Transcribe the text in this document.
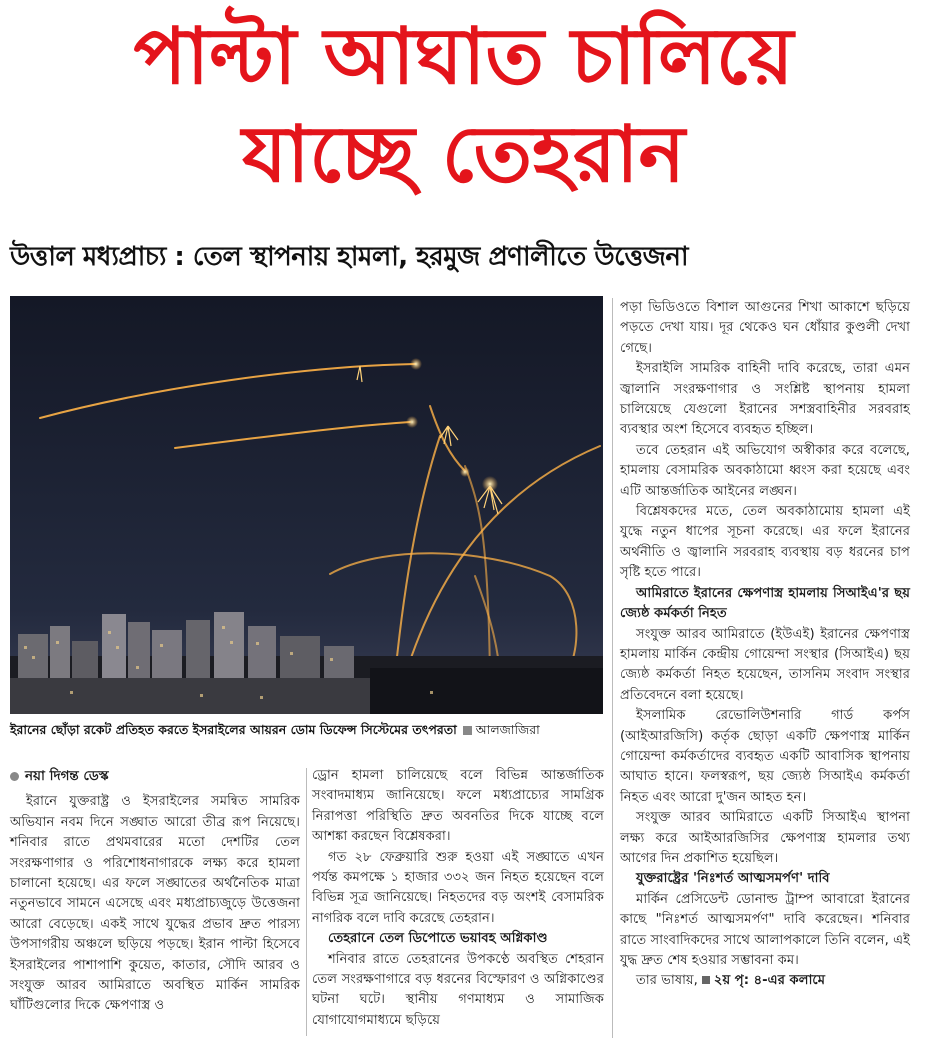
পাল্টা আঘাত চালিয়ে
যাচ্ছে তেহরান
উত্তাল মধ্যপ্রাচ্য : তেল স্থাপনায় হামলা, হরমুজ প্রণালীতে উত্তেজনা
ইরানের ছোঁড়া রকেট প্রতিহত করতে ইসরাইলের আয়রন ডোম ডিফেন্স সিস্টেমের তৎপরতা আলজাজিরা
নয়া দিগন্ত ডেস্ক

ইরানে যুক্তরাষ্ট্র ও ইসরাইলের সমন্বিত সামরিক অভিযান নবম দিনে সঙ্ঘাত আরো তীব্র রূপ নিয়েছে। শনিবার রাতে প্রথমবারের মতো দেশটির তেল সংরক্ষণাগার ও পরিশোধনাগারকে লক্ষ্য করে হামলা চালানো হয়েছে। এর ফলে সঙ্ঘাতের অর্থনৈতিক মাত্রা নতুনভাবে সামনে এসেছে এবং মধ্যপ্রাচ্যজুড়ে উত্তেজনা আরো বেড়েছে। একই সাথে যুদ্ধের প্রভাব দ্রুত পারস্য উপসাগরীয় অঞ্চলে ছড়িয়ে পড়ছে। ইরান পাল্টা হিসেবে ইসরাইলের পাশাপাশি কুয়েত, কাতার, সৌদি আরব ও সংযুক্ত আরব আমিরাতে অবস্থিত মার্কিন সামরিক ঘাঁটিগুলোর দিকে ক্ষেপণাস্ত্র ও

ড্রোন হামলা চালিয়েছে বলে বিভিন্ন আন্তর্জাতিক সংবাদমাধ্যম জানিয়েছে। ফলে মধ্যপ্রাচ্যের সামগ্রিক নিরাপত্তা পরিস্থিতি দ্রুত অবনতির দিকে যাচ্ছে বলে আশঙ্কা করছেন বিশ্লেষকরা।

গত ২৮ ফেব্রুয়ারি শুরু হওয়া এই সঙ্ঘাতে এখন পর্যন্ত কমপক্ষে ১ হাজার ৩৩২ জন নিহত হয়েছেন বলে বিভিন্ন সূত্র জানিয়েছে। নিহতদের বড় অংশই বেসামরিক নাগরিক বলে দাবি করেছে তেহরান।

তেহরানে তেল ডিপোতে ভয়াবহ অগ্নিকাণ্ড

শনিবার রাতে তেহরানের উপকণ্ঠে অবস্থিত শেহরান তেল সংরক্ষণাগারে বড় ধরনের বিস্ফোরণ ও অগ্নিকাণ্ডের ঘটনা ঘটে। স্থানীয় গণমাধ্যম ও সামাজিক যোগাযোগমাধ্যমে ছড়িয়ে

পড়া ভিডিওতে বিশাল আগুনের শিখা আকাশে ছড়িয়ে পড়তে দেখা যায়। দূর থেকেও ঘন ধোঁয়ার কুণ্ডলী দেখা গেছে।

ইসরাইলি সামরিক বাহিনী দাবি করেছে, তারা এমন জ্বালানি সংরক্ষণাগার ও সংশ্লিষ্ট স্থাপনায় হামলা চালিয়েছে যেগুলো ইরানের সশস্ত্রবাহিনীর সরবরাহ ব্যবস্থার অংশ হিসেবে ব্যবহৃত হচ্ছিল।

তবে তেহরান এই অভিযোগ অস্বীকার করে বলেছে, হামলায় বেসামরিক অবকাঠামো ধ্বংস করা হয়েছে এবং এটি আন্তর্জাতিক আইনের লঙ্ঘন।

বিশ্লেষকদের মতে, তেল অবকাঠামোয় হামলা এই যুদ্ধে নতুন ধাপের সূচনা করেছে। এর ফলে ইরানের অর্থনীতি ও জ্বালানি সরবরাহ ব্যবস্থায় বড় ধরনের চাপ সৃষ্টি হতে পারে।

আমিরাতে ইরানের ক্ষেপণাস্ত্র হামলায় সিআইএ'র ছয় জ্যেষ্ঠ কর্মকর্তা নিহত

সংযুক্ত আরব আমিরাতে (ইউএই) ইরানের ক্ষেপণাস্ত্র হামলায় মার্কিন কেন্দ্রীয় গোয়েন্দা সংস্থার (সিআইএ) ছয় জ্যেষ্ঠ কর্মকর্তা নিহত হয়েছেন, তাসনিম সংবাদ সংস্থার প্রতিবেদনে বলা হয়েছে।

ইসলামিক রেভোলিউশনারি গার্ড কর্পস (আইআরজিসি) কর্তৃক ছোড়া একটি ক্ষেপণাস্ত্র মার্কিন গোয়েন্দা কর্মকর্তাদের ব্যবহৃত একটি আবাসিক স্থাপনায় আঘাত হানে। ফলস্বরূপ, ছয় জ্যেষ্ঠ সিআইএ কর্মকর্তা নিহত এবং আরো দু'জন আহত হন।

সংযুক্ত আরব আমিরাতে একটি সিআইএ স্থাপনা লক্ষ্য করে আইআরজিসির ক্ষেপণাস্ত্র হামলার তথ্য আগের দিন প্রকাশিত হয়েছিল।

যুক্তরাষ্ট্রের 'নিঃশর্ত আত্মসমর্পণ' দাবি

মার্কিন প্রেসিডেন্ট ডোনাল্ড ট্রাম্প আবারো ইরানের কাছে "নিঃশর্ত আত্মসমর্পণ" দাবি করেছেন। শনিবার রাতে সাংবাদিকদের সাথে আলাপকালে তিনি বলেন, এই যুদ্ধ দ্রুত শেষ হওয়ার সম্ভাবনা কম।

তার ভাষায়, ২য় পৃ: ৪-এর কলামে
